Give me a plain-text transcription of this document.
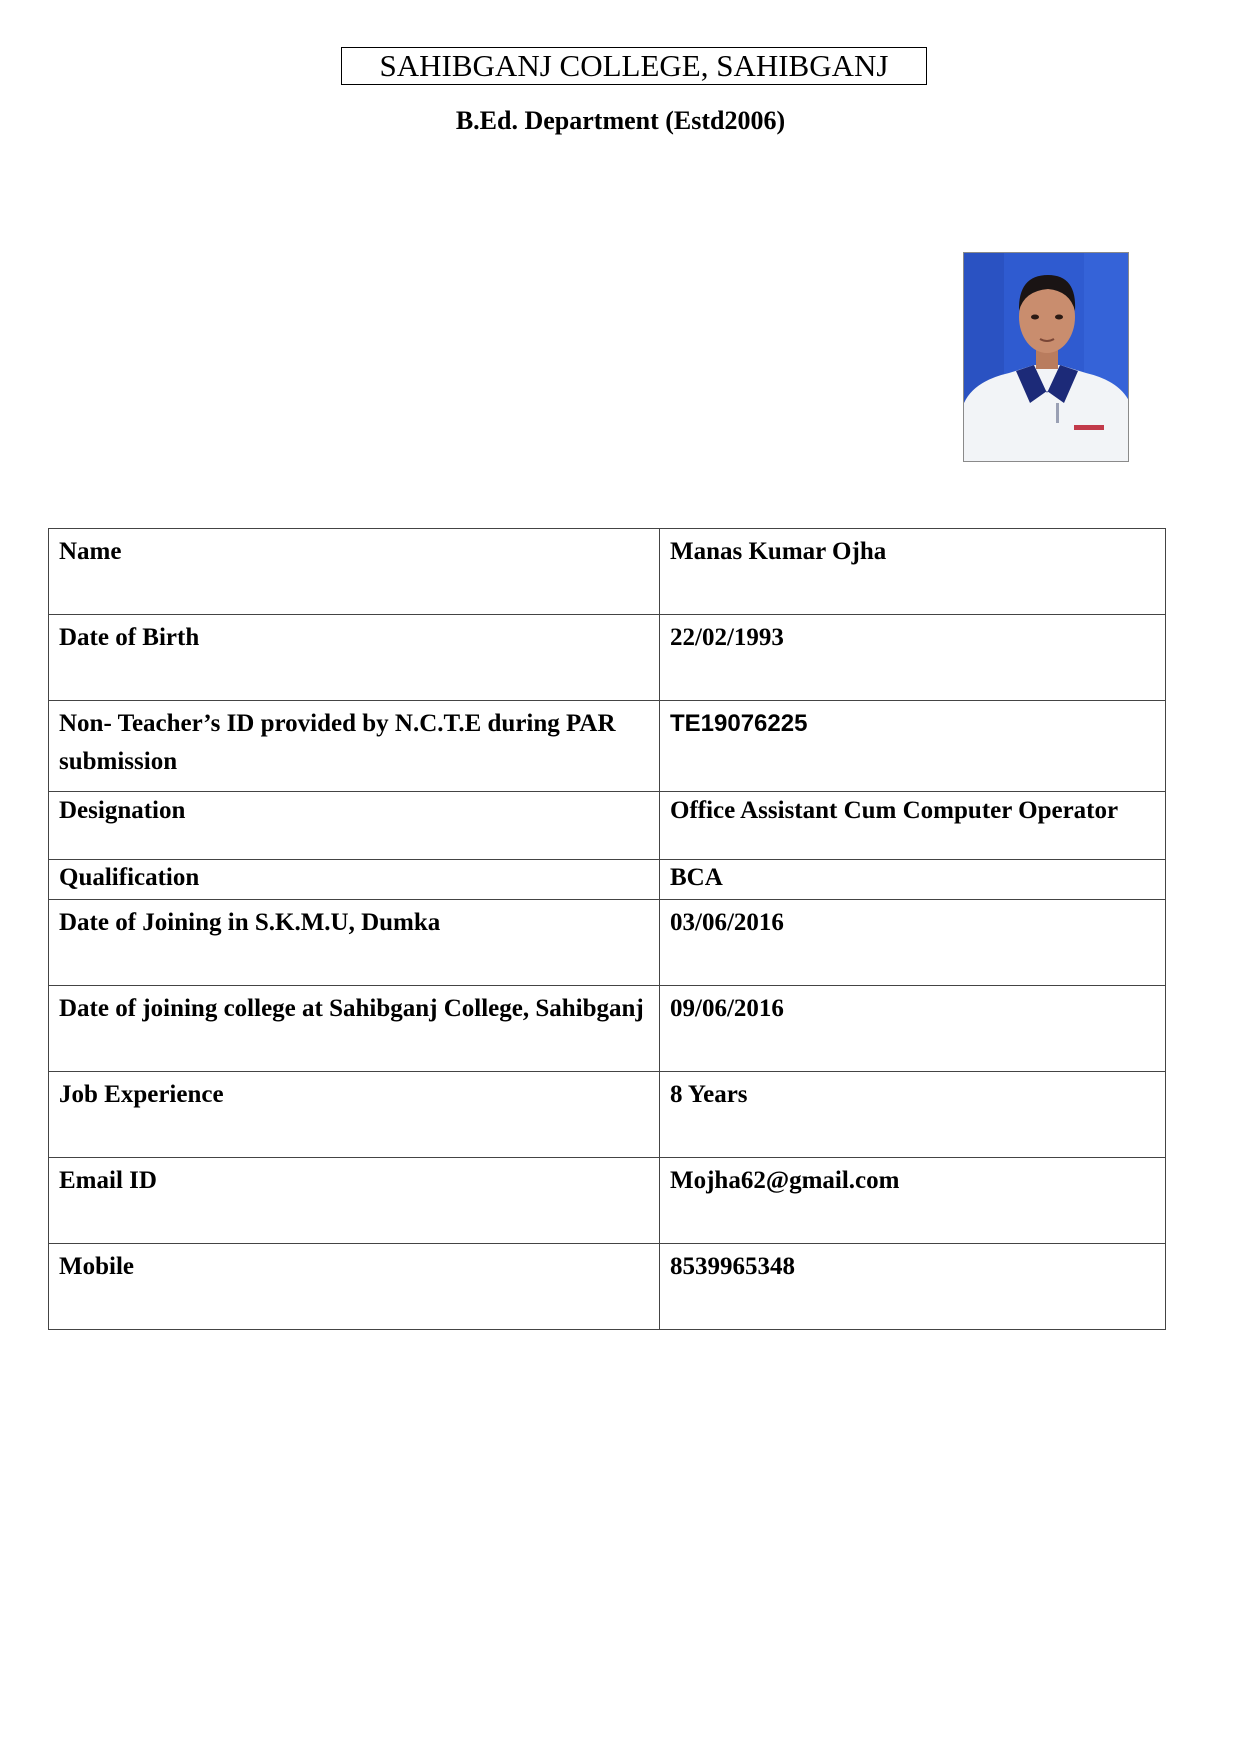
SAHIBGANJ COLLEGE, SAHIBGANJ
B.Ed. Department (Estd2006)
Name	Manas Kumar Ojha
Date of Birth	22/02/1993
Non- Teacher’s ID provided by N.C.T.E during PAR submission	TE19076225
Designation	Office Assistant Cum Computer Operator
Qualification	BCA
Date of Joining in S.K.M.U, Dumka	03/06/2016
Date of joining college at Sahibganj College, Sahibganj	09/06/2016
Job Experience	8 Years
Email ID	Mojha62@gmail.com
Mobile	8539965348
